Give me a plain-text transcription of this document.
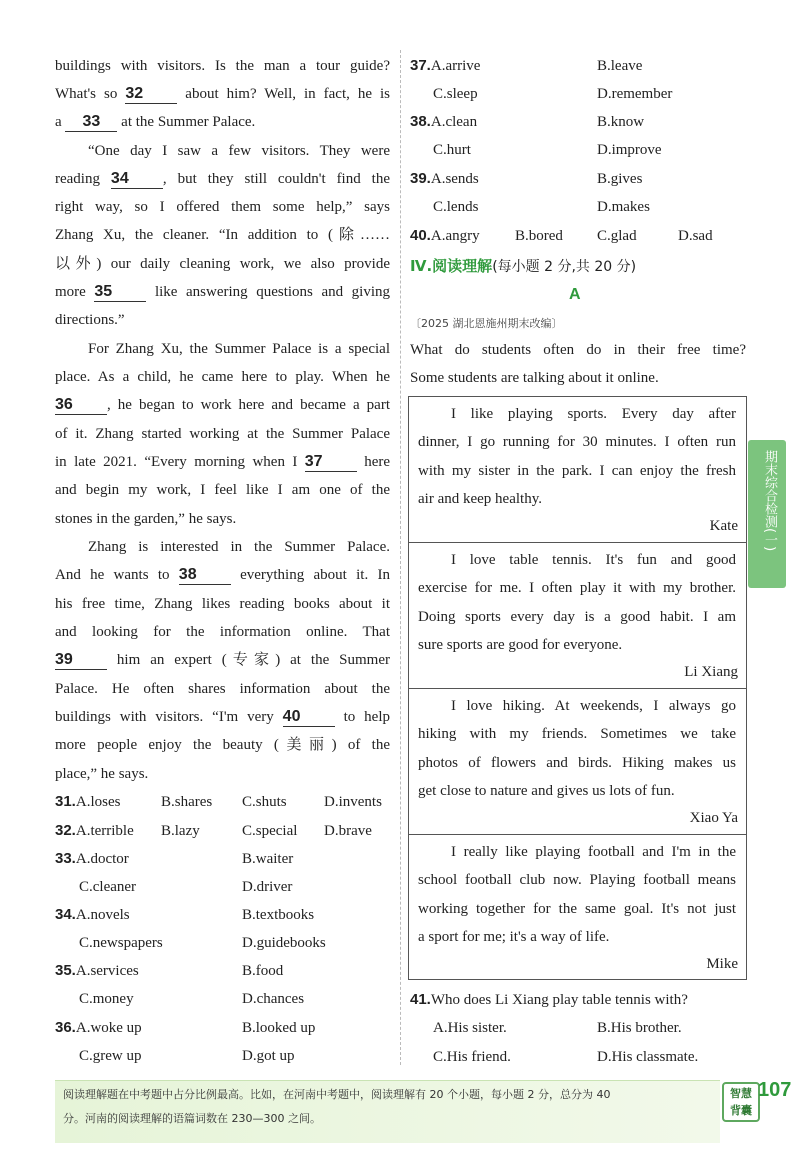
buildings with visitors. Is the man a tour guide?
What's so 32 about him? Well, in fact, he is
a 33 at the Summer Palace.
“One day I saw a few visitors. They were
reading 34 , but they still couldn't find the
right way, so I offered them some help,” says
Zhang Xu, the cleaner. “In addition to (除……
以外) our daily cleaning work, we also provide
more 35 like answering questions and giving
directions.”
For Zhang Xu, the Summer Palace is a special
place. As a child, he came here to play. When he
36 , he began to work here and became a part
of it. Zhang started working at the Summer Palace
in late 2021. “Every morning when I 37 here
and begin my work, I feel like I am one of the
stones in the garden,” he says.
Zhang is interested in the Summer Palace.
And he wants to 38 everything about it. In
his free time, Zhang likes reading books about it
and looking for the information online. That
39 him an expert (专家) at the Summer
Palace. He often shares information about the
buildings with visitors. “I'm very 40 to help
more people enjoy the beauty (美丽) of the
place,” he says.
31.A.loses	B.shares C.shuts D.invents
32.A.terrible B.lazy	C.special D.brave
33.A.doctor	B.waiter
C.cleaner	D.driver
34.A.novels	B.textbooks
C.newspapers	D.guidebooks
35.A.services	B.food
C.money	D.chances
36.A.woke up	B.looked up
C.grew up	D.got up
37.A.arrive	B.leave
C.sleep	D.remember
38.A.clean	B.know
C.hurt	D.improve
39.A.sends	B.gives
C.lends	D.makes
40.A.angry B.bored C.glad	D.sad
Ⅳ.阅读理解(每小题 2 分,共 20 分)
A
〔2025 湖北恩施州期末改编〕
What do students often do in their free time?
Some students are talking about it online.
I like playing sports. Every day after
dinner, I go running for 30 minutes. I often run
with my sister in the park. I can enjoy the fresh
air and keep healthy.
Kate
I love table tennis. It's fun and good
exercise for me. I often play it with my brother.
Doing sports every day is a good habit. I am
sure sports are good for everyone.
Li Xiang
I love hiking. At weekends, I always go
hiking with my friends. Sometimes we take
photos of flowers and birds. Hiking makes us
get close to nature and gives us lots of fun.
Xiao Ya
I really like playing football and I'm in the
school football club now. Playing football means
working together for the same goal. It's not just
a sport for me; it's a way of life.
Mike
41.Who does Li Xiang play table tennis with?
A.His sister.	B.His brother.
C.His friend.	D.His classmate.
期末综合检测(一)

阅读理解题在中考题中占分比例最高。比如，在河南中考题中，阅读理解有 20 个小题，每小题 2 分，总分为 40

分。河南的阅读理解的语篇词数在 230—300 之间。

智慧
背囊
107
